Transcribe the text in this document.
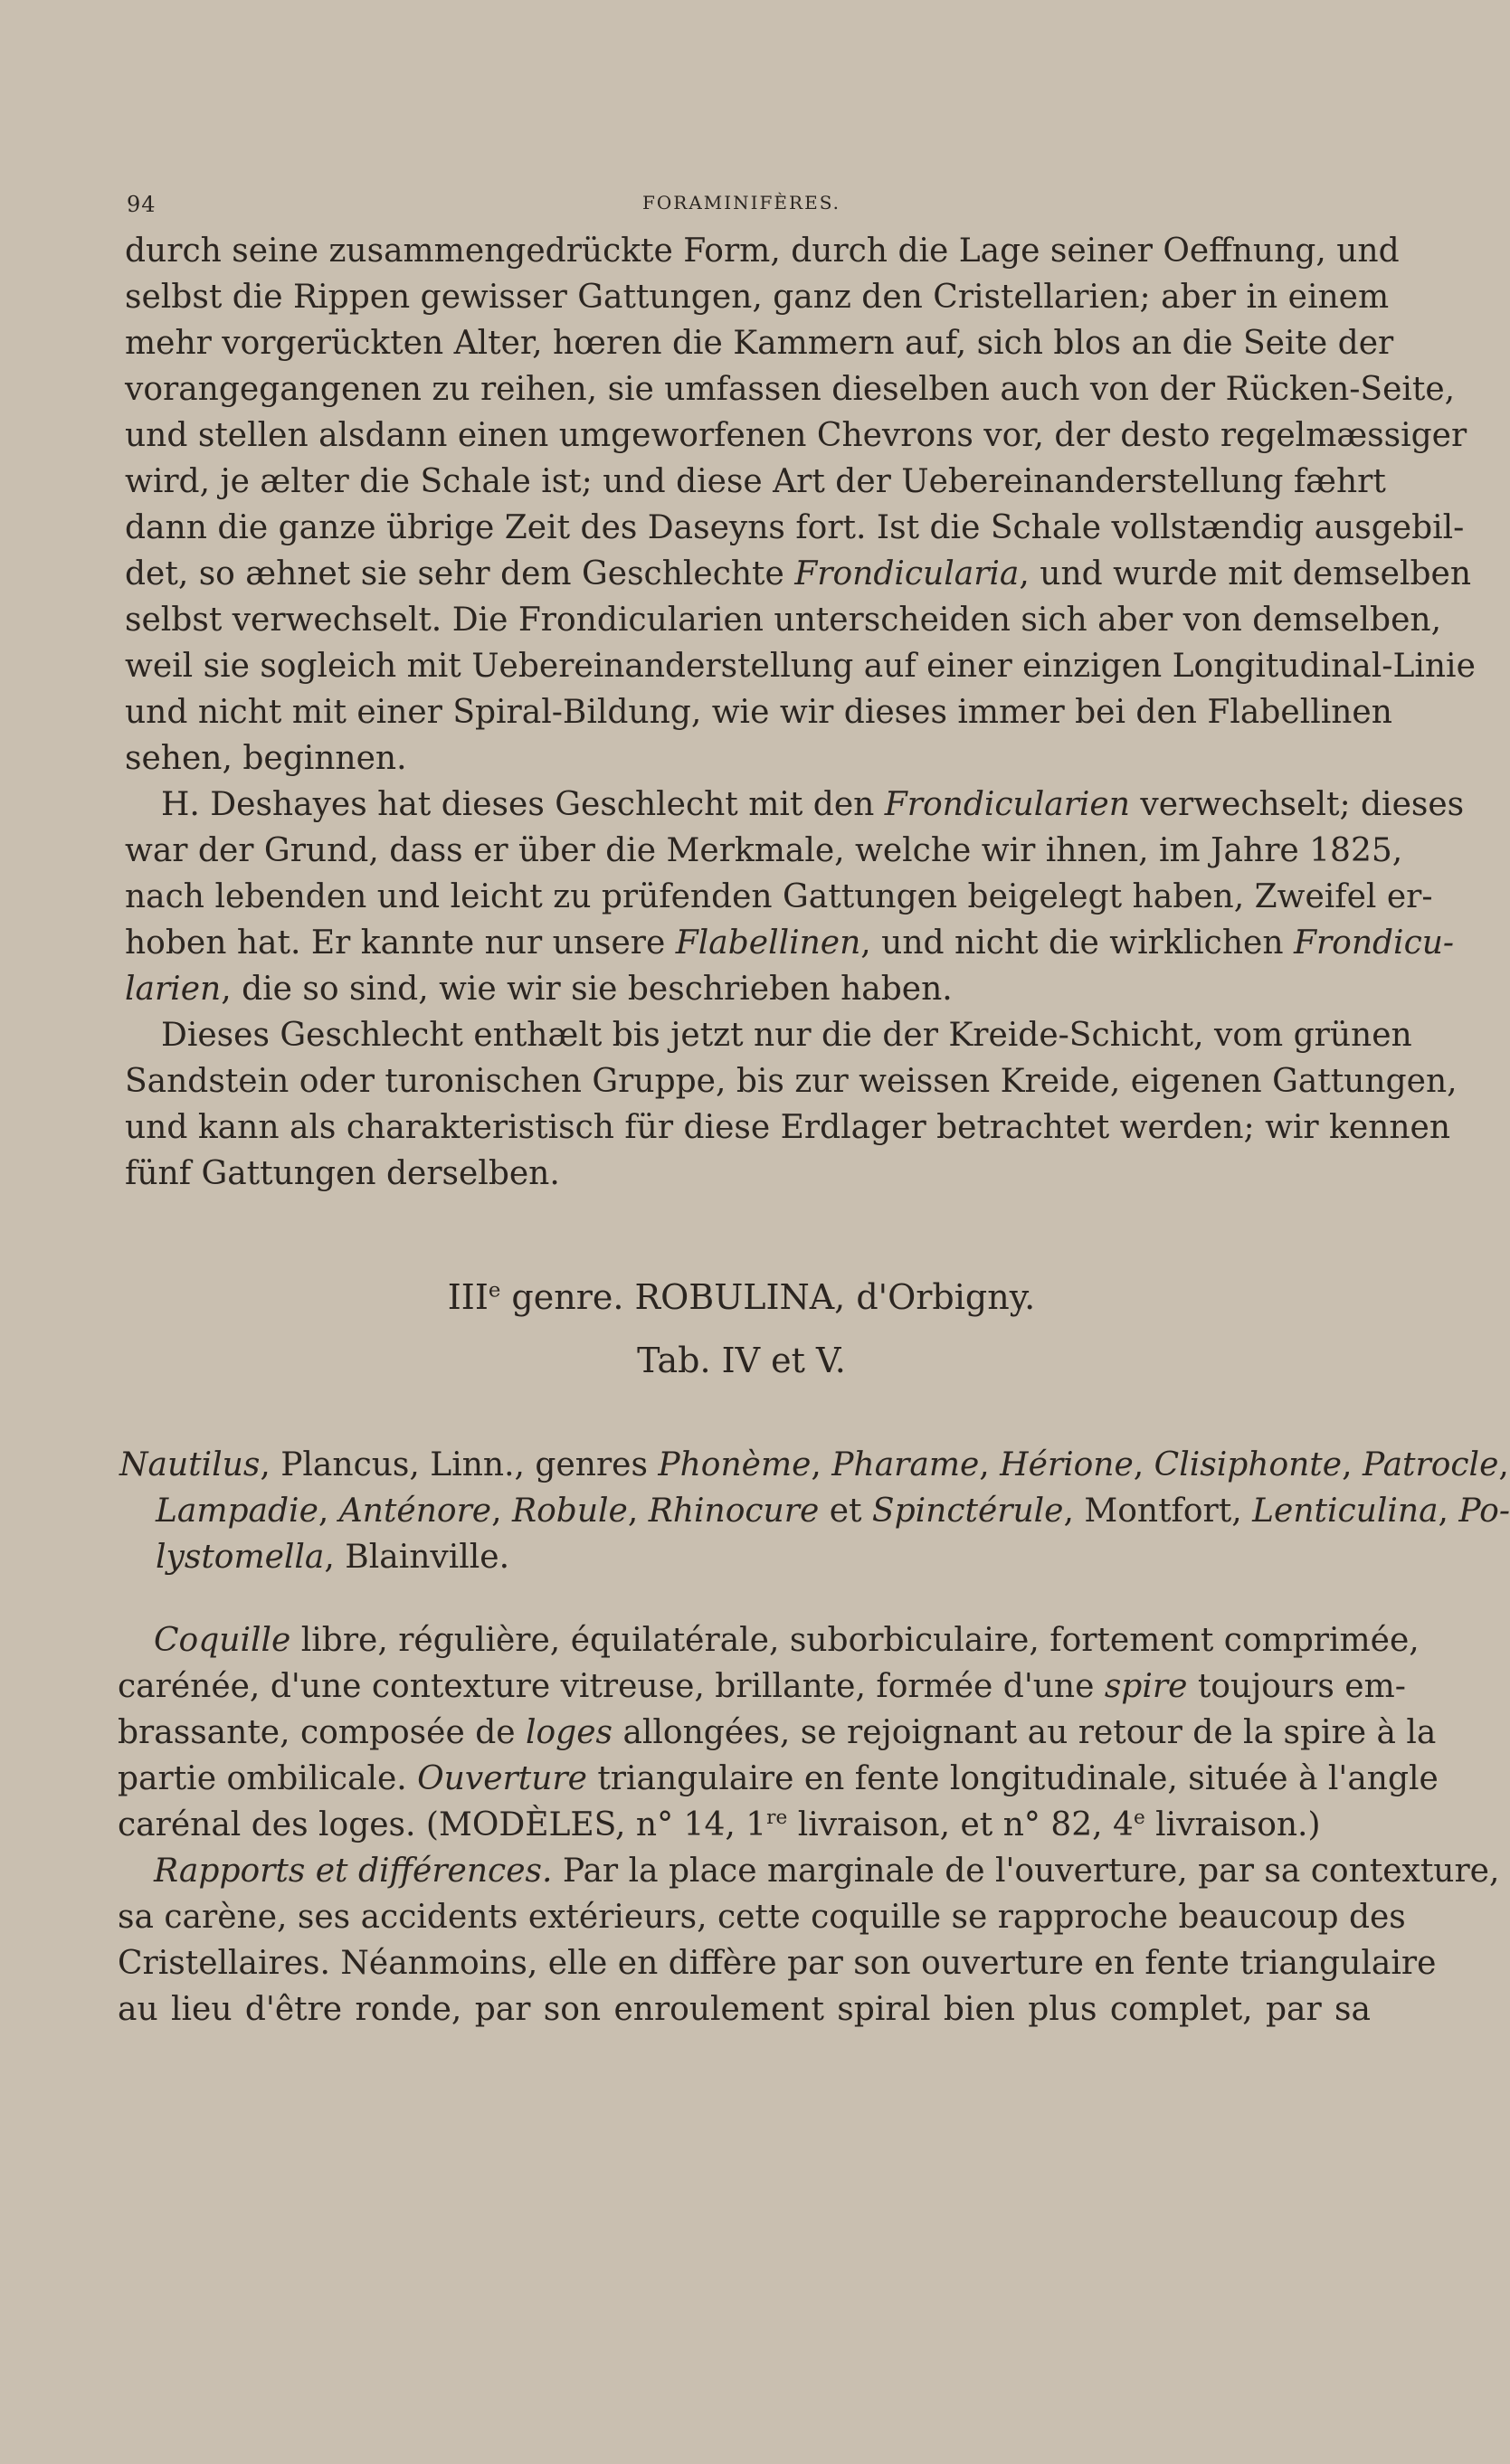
94	FORAMINIFÈRES.
durch seine zusammengedrückte Form, durch die Lage seiner Oeffnung, und
selbst die Rippen gewisser Gattungen, ganz den Cristellarien; aber in einem
mehr vorgerückten Alter, hœren die Kammern auf, sich blos an die Seite der
vorangegangenen zu reihen, sie umfassen dieselben auch von der Rücken-Seite,
und stellen alsdann einen umgeworfenen Chevrons vor, der desto regelmæssiger
wird, je ælter die Schale ist; und diese Art der Uebereinanderstellung fæhrt
dann die ganze übrige Zeit des Daseyns fort. Ist die Schale vollstændig ausgebil-
det, so æhnet sie sehr dem Geschlechte Frondicularia, und wurde mit demselben
selbst verwechselt. Die Frondicularien unterscheiden sich aber von demselben,
weil sie sogleich mit Uebereinanderstellung auf einer einzigen Longitudinal-Linie
und nicht mit einer Spiral-Bildung, wie wir dieses immer bei den Flabellinen
sehen, beginnen.
H. Deshayes hat dieses Geschlecht mit den Frondicularien verwechselt; dieses
war der Grund, dass er über die Merkmale, welche wir ihnen, im Jahre 1825,
nach lebenden und leicht zu prüfenden Gattungen beigelegt haben, Zweifel er-
hoben hat. Er kannte nur unsere Flabellinen, und nicht die wirklichen Frondicu-
larien, die so sind, wie wir sie beschrieben haben.
Dieses Geschlecht enthælt bis jetzt nur die der Kreide-Schicht, vom grünen
Sandstein oder turonischen Gruppe, bis zur weissen Kreide, eigenen Gattungen,
und kann als charakteristisch für diese Erdlager betrachtet werden; wir kennen
fünf Gattungen derselben.
IIIe genre. ROBULINA, d'Orbigny.
Tab. IV et V.
Nautilus, Plancus, Linn., genres Phonème, Pharame, Hérione, Clisiphonte, Patrocle,
Lampadie, Anténore, Robule, Rhinocure et Spinctérule, Montfort, Lenticulina, Po-
lystomella, Blainville.
Coquille libre, régulière, équilatérale, suborbiculaire, fortement comprimée,
carénée, d'une contexture vitreuse, brillante, formée d'une spire toujours em-
brassante, composée de loges allongées, se rejoignant au retour de la spire à la
partie ombilicale. Ouverture triangulaire en fente longitudinale, située à l'angle
carénal des loges. (MODÈLES, n° 14, 1re livraison, et n° 82, 4e livraison.)
Rapports et différences. Par la place marginale de l'ouverture, par sa contexture,
sa carène, ses accidents extérieurs, cette coquille se rapproche beaucoup des
Cristellaires. Néanmoins, elle en diffère par son ouverture en fente triangulaire
au lieu d'être ronde, par son enroulement spiral bien plus complet, par sa
